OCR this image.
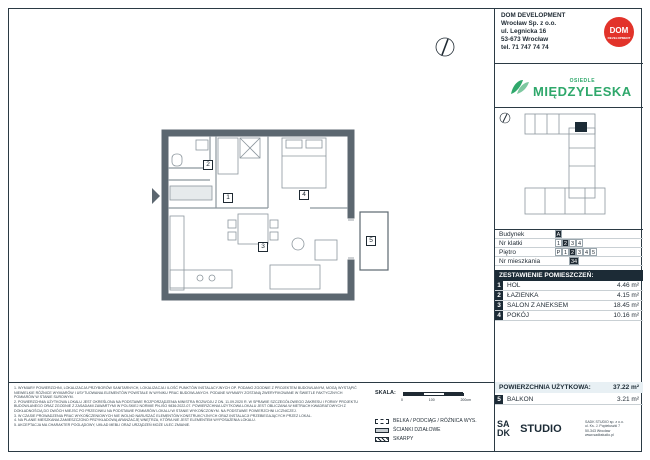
1
2
3
4
5
DOM DEVELOPMENT
Wrocław Sp. z o.o.
ul. Legnicka 16
53-673 Wrocław
tel. 71 747 74 74
DOM
DEVELOPMENT
OSIEDLE
MIĘDZYLESKA
Budynek	A
Nr klatki	1 2 3 4
Piętro	P 1 2 3 4 5
Nr mieszkania	34
ZESTAWIENIE POMIESZCZEŃ:
1 HOL	4.46 m²
2 ŁAZIENKA	4.15 m²
3 SALON Z ANEKSEM	18.45 m²
4 POKÓJ	10.16 m²
POWIERZCHNIA UŻYTKOWA:	37.22 m²
5 BALKON	3.21 m²
1. WYMIARY POWIERZCHNI, LOKALIZACJA PRZYBORÓW SANITARNYCH, LOKALIZACJA I ILOŚĆ PUNKTÓW INSTALACYJNYCH OP. PODANO ZGODNIE Z PROJEKTEM BUDOWLANYM, MOGĄ WYSTĄPIĆ NIEWIELKIE RÓŻNICE WYMIARÓW I USYTUOWANIA ELEMENTÓW POWSTAŁE W WYNIKU PRAC BUDOWLANYCH. PODANE WYMIARY ZOSTANĄ ZWERYFIKOWANE W ŚWIETLE FAKTYCZNYCH POMIARÓW W STANIE SUROWYM.
2. POWIERZCHNIA UŻYTKOWA LOKALU JEST OKREŚLONA NA PODSTAWIE ROZPORZĄDZENIA MINISTRA ROZWOJU Z DN. 11.09.2020 R. W SPRAWIE SZCZEGÓŁOWEGO ZAKRESU I FORMY PROJEKTU BUDOWLANEGO ORAZ ZGODNIE Z ZASADAMI ZAWARTYMI W POLSKIEJ NORMIE PN-ISO 9836:2022-07. POWIERZCHNIA UŻYTKOWA LOKALU JEST OBLICZANA W METRACH KWADRATOWYCH Z DOKŁADNOŚCIĄ DO DWÓCH MIEJSC PO PRZECINKU NA PODSTAWIE POMIARÓW LOKALU W STANIE WYKOŃCZONYM. NA PODSTAWIE POWIERZCHNI LICZNICZEJ.
3. W CZASIE PROWADZENIA PRAC WYKOŃCZENIOWYCH NIE WOLNO NARUSZAĆ ELEMENTÓW KONSTRUKCYJNYCH ORAZ INSTALACJI PRZEBIEGAJĄCYCH PRZEZ LOKAL.
4. NA PLANIE MIESZKANIA ZAMIESZCZONO PRZYKŁADOWĄ ARANŻACJĘ WNĘTRZA, KTÓRA NIE JEST ELEMENTEM WYPOSAŻENIA LOKALU.
5. AKCEPTACJA MA CHARAKTER POGLĄDOWY, UKŁAD MEBLI ORAZ URZĄDZEŃ MOŻE ULEC ZMIANIE.
SKALA:
0	100	200cm
BELKA / PODCIĄG / RÓŻNICA WYS.
ŚCIANKI DZIAŁOWE
SKARPY
SA DK STUDIO
SADK STUDIO sp. z o.o.
ul. Ks. J. Popiełuszki 7
50-343 Wrocław
www.sadkstudio.pl
